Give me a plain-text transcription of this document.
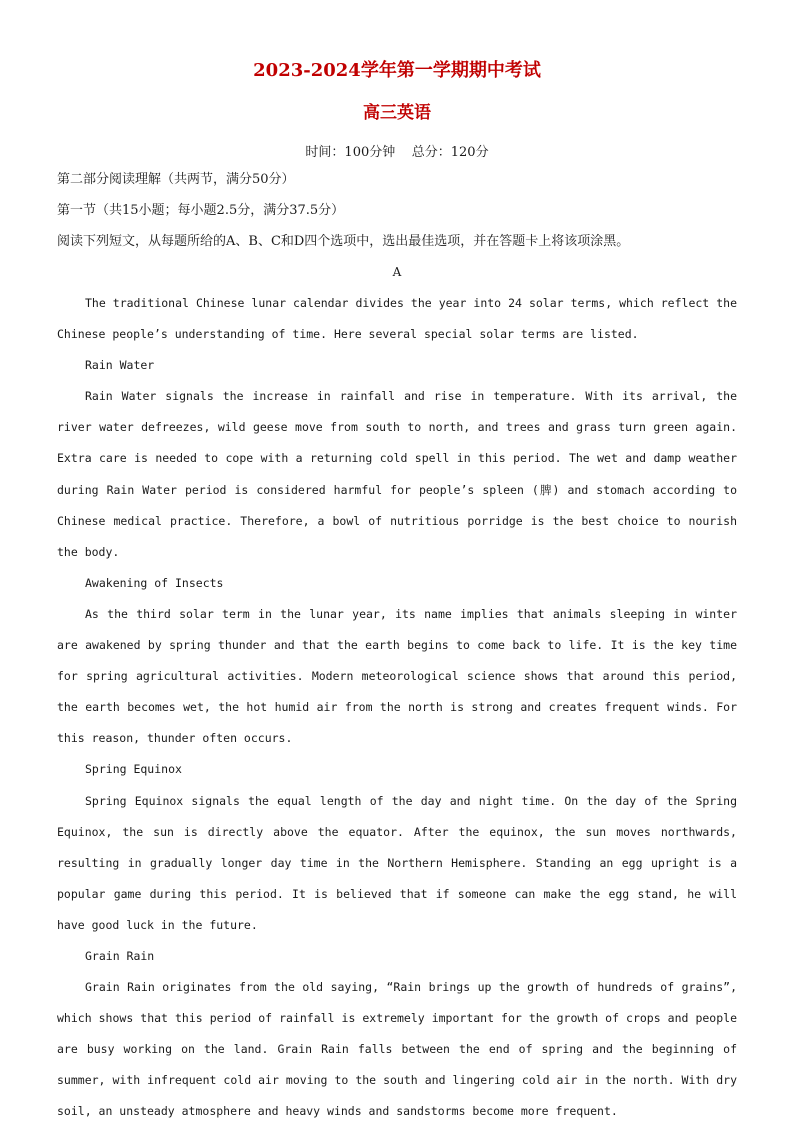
2023-2024学年第一学期期中考试
高三英语
时间：100分钟    总分：120分
第二部分阅读理解（共两节，满分50分）
第一节（共15小题；每小题2.5分，满分37.5分）
阅读下列短文，从每题所给的A、B、C和D四个选项中，选出最佳选项，并在答题卡上将该项涂黑。
A

The traditional Chinese lunar calendar divides the year into 24 solar terms, which reflect the Chinese people’s understanding of time. Here several special solar terms are listed.

Rain Water

Rain Water signals the increase in rainfall and rise in temperature. With its arrival, the river water defreezes, wild geese move from south to north, and trees and grass turn green again. Extra care is needed to cope with a returning cold spell in this period. The wet and damp weather during Rain Water period is considered harmful for people’s spleen (脾) and stomach according to Chinese medical practice. Therefore, a bowl of nutritious porridge is the best choice to nourish the body.

Awakening of Insects

As the third solar term in the lunar year, its name implies that animals sleeping in winter are awakened by spring thunder and that the earth begins to come back to life. It is the key time for spring agricultural activities. Modern meteorological science shows that around this period, the earth becomes wet, the hot humid air from the north is strong and creates frequent winds. For this reason, thunder often occurs.

Spring Equinox

Spring Equinox signals the equal length of the day and night time. On the day of the Spring Equinox, the sun is directly above the equator. After the equinox, the sun moves northwards, resulting in gradually longer day time in the Northern Hemisphere. Standing an egg upright is a popular game during this period. It is believed that if someone can make the egg stand, he will have good luck in the future.

Grain Rain

Grain Rain originates from the old saying, “Rain brings up the growth of hundreds of grains”, which shows that this period of rainfall is extremely important for the growth of crops and people are busy working on the land. Grain Rain falls between the end of spring and the beginning of summer, with infrequent cold air moving to the south and lingering cold air in the north. With dry soil, an unsteady atmosphere and heavy winds and sandstorms become more frequent.
